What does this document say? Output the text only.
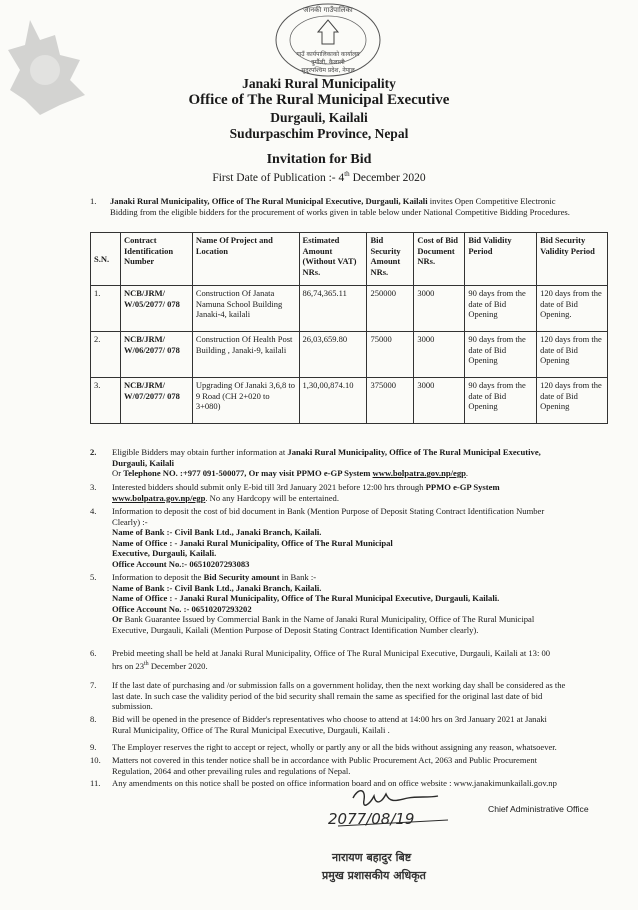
जानकी गाउँपालिका
गाउँ कार्यपालिकाको कार्यालय
दुर्गौली, कैलाली
सुदूरपश्चिम प्रदेश, नेपाल
Janaki Rural Municipality
Office of The Rural Municipal Executive
Durgauli, Kailali
Sudurpaschim Province, Nepal
Invitation for Bid
First Date of Publication :- 4th December 2020
1. Janaki Rural Municipality, Office of The Rural Municipal Executive, Durgauli, Kailali invites Open Competitive Electronic
Bidding from the eligible bidders for the procurement of works given in table below under National Competitive Bidding Procedures.
S.N.	Contract Identification Number	Name Of Project and Location	Estimated Amount (Without VAT) NRs.	Bid Security Amount NRs.	Cost of Bid Document NRs.	Bid Validity Period	Bid Security Validity Period
1.	NCB/JRM/ W/05/2077/ 078	Construction Of Janata Namuna School Building Janaki-4, kailali	86,74,365.11	250000	3000	90 days from the date of Bid Opening	120 days from the date of Bid Opening.
2.	NCB/JRM/ W/06/2077/ 078	Construction Of Health Post Building , Janaki-9, kailali	26,03,659.80	75000	3000	90 days from the date of Bid Opening	120 days from the date of Bid Opening
3.	NCB/JRM/ W/07/2077/ 078	Upgrading Of Janaki 3,6,8 to 9 Road (CH 2+020 to 3+080)	1,30,00,874.10	375000	3000	90 days from the date of Bid Opening	120 days from the date of Bid Opening
2. Eligible Bidders may obtain further information at Janaki Rural Municipality, Office of The Rural Municipal Executive,
Durgauli, Kailali
Or Telephone NO. :+977 091-500077, Or may visit PPMO e-GP System www.bolpatra.gov.np/egp.
3. Interested bidders should submit only E-bid till 3rd January 2021 before 12:00 hrs through PPMO e-GP System
www.bolpatra.gov.np/egp. No any Hardcopy will be entertained.
4. Information to deposit the cost of bid document in Bank (Mention Purpose of Deposit Stating Contract Identification Number
Clearly) :-
Name of Bank :- Civil Bank Ltd., Janaki Branch, Kailali.
Name of Office : - Janaki Rural Municipality, Office of The Rural Municipal
Executive, Durgauli, Kailali.
Office Account No.:- 06510207293083
5. Information to deposit the Bid Security amount in Bank :-
Name of Bank :- Civil Bank Ltd., Janaki Branch, Kailali.
Name of Office : - Janaki Rural Municipality, Office of The Rural Municipal Executive, Durgauli, Kailali.
Office Account No. :- 06510207293202
Or Bank Guarantee Issued by Commercial Bank in the Name of Janaki Rural Municipality, Office of The Rural Municipal
Executive, Durgauli, Kailali (Mention Purpose of Deposit Stating Contract Identification Number clearly).
6. Prebid meeting shall be held at Janaki Rural Municipality, Office of The Rural Municipal Executive, Durgauli, Kailali at 13: 00
hrs on 23th December 2020.
7. If the last date of purchasing and /or submission falls on a government holiday, then the next working day shall be considered as the
last date. In such case the validity period of the bid security shall remain the same as specified for the original last date of bid
submission.
8. Bid will be opened in the presence of Bidder's representatives who choose to attend at 14:00 hrs on 3rd January 2021 at Janaki
Rural Municipality, Office of The Rural Municipal Executive, Durgauli, Kailali .
9. The Employer reserves the right to accept or reject, wholly or partly any or all the bids without assigning any reason, whatsoever.
10. Matters not covered in this tender notice shall be in accordance with Public Procurement Act, 2063 and Public Procurement
Regulation, 2064 and other prevailing rules and regulations of Nepal.
11. Any amendments on this notice shall be posted on office information board and on office website : www.janakimunkailali.gov.np
2077/08/19
Chief Administrative Office
नारायण बहादुर बिष्ट
प्रमुख प्रशासकीय अधिकृत
